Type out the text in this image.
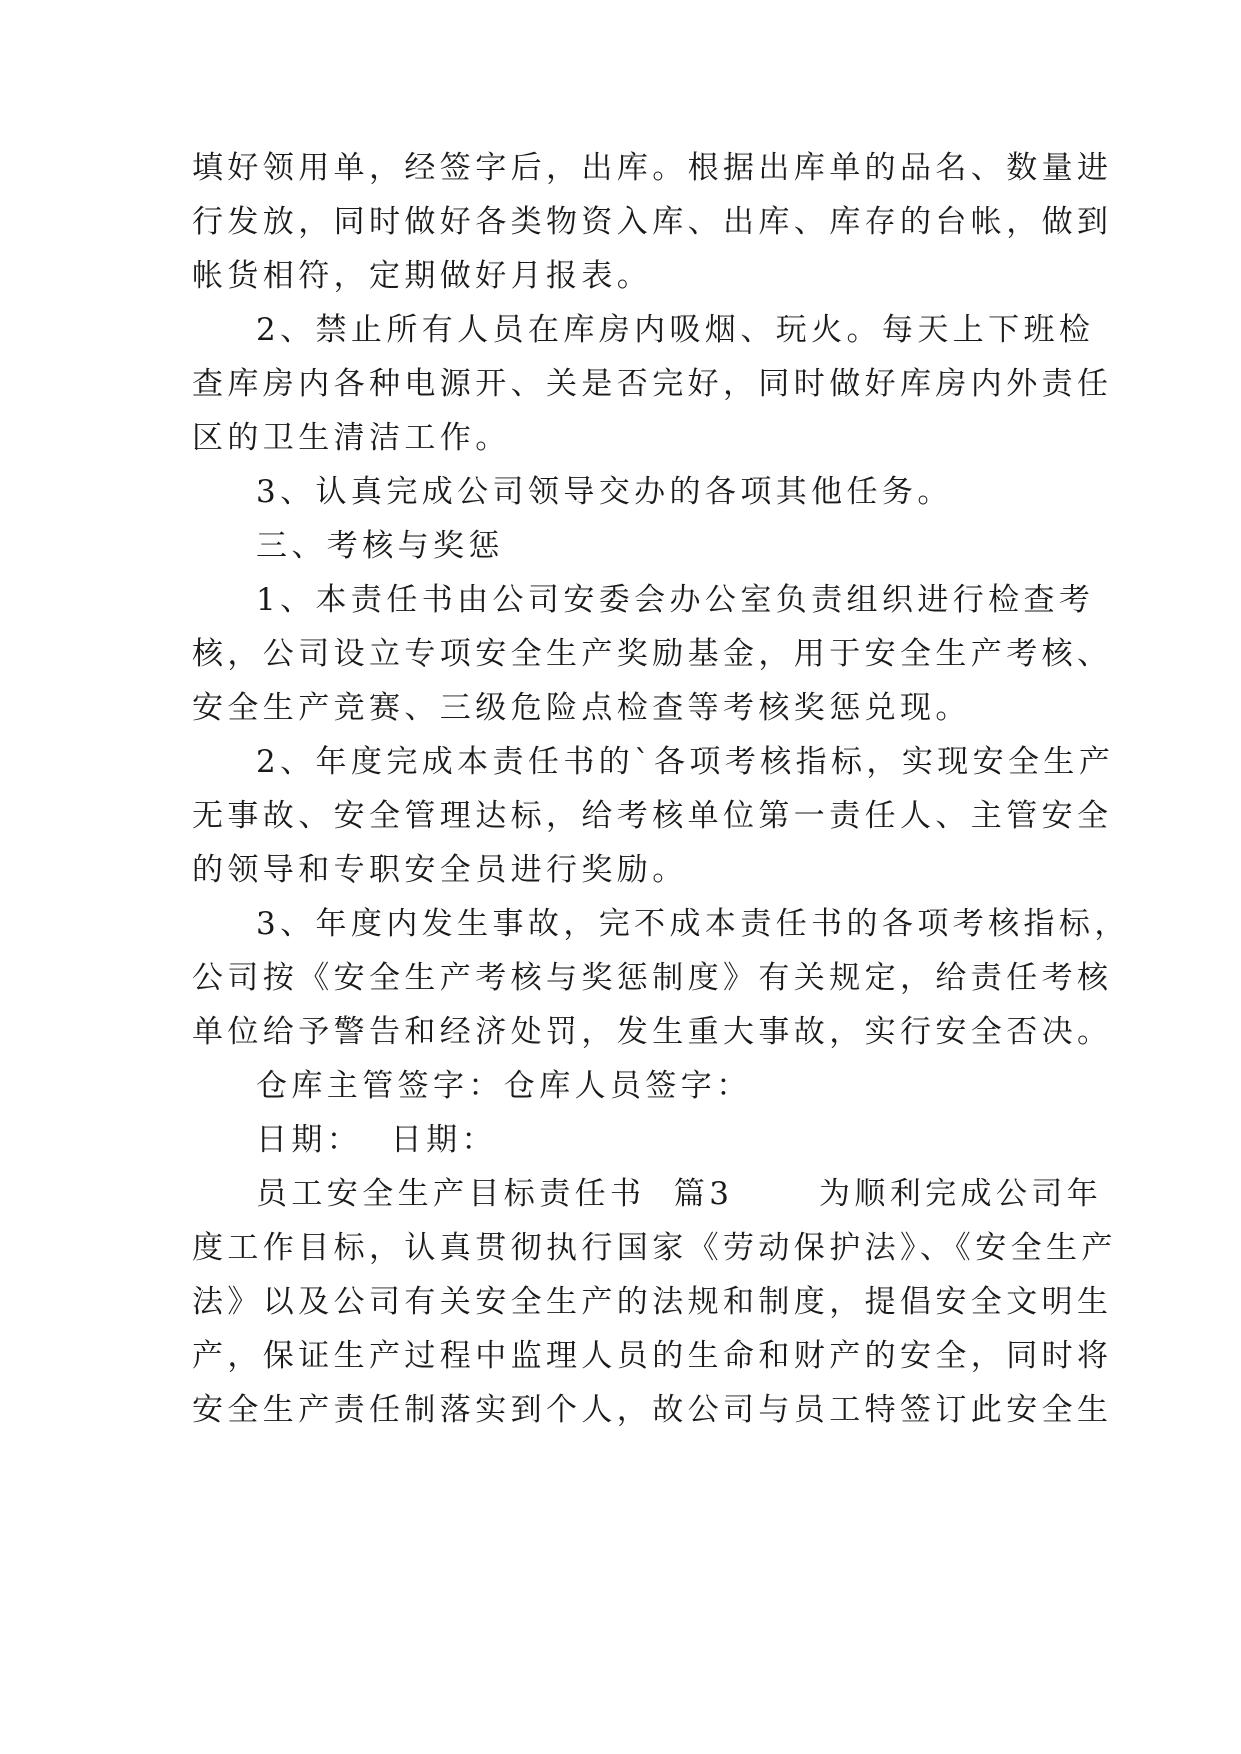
填好领用单，经签字后，出库。根据出库单的品名、数量进
行发放，同时做好各类物资入库、出库、库存的台帐，做到
帐货相符，定期做好月报表。
2、禁止所有人员在库房内吸烟、玩火。每天上下班检
查库房内各种电源开、关是否完好，同时做好库房内外责任
区的卫生清洁工作。
3、认真完成公司领导交办的各项其他任务。
三、考核与奖惩
1、本责任书由公司安委会办公室负责组织进行检查考
核，公司设立专项安全生产奖励基金，用于安全生产考核、
安全生产竞赛、三级危险点检查等考核奖惩兑现。
2、年度完成本责任书的`各项考核指标，实现安全生产
无事故、安全管理达标，给考核单位第一责任人、主管安全
的领导和专职安全员进行奖励。
3、年度内发生事故，完不成本责任书的各项考核指标，
公司按《安全生产考核与奖惩制度》有关规定，给责任考核
单位给予警告和经济处罚，发生重大事故，实行安全否决。
仓库主管签字：仓库人员签字：
日期：  日期：
员工安全生产目标责任书  篇3      为顺利完成公司年
度工作目标，认真贯彻执行国家《劳动保护法》、《安全生产
法》以及公司有关安全生产的法规和制度，提倡安全文明生
产，保证生产过程中监理人员的生命和财产的安全，同时将
安全生产责任制落实到个人，故公司与员工特签订此安全生
